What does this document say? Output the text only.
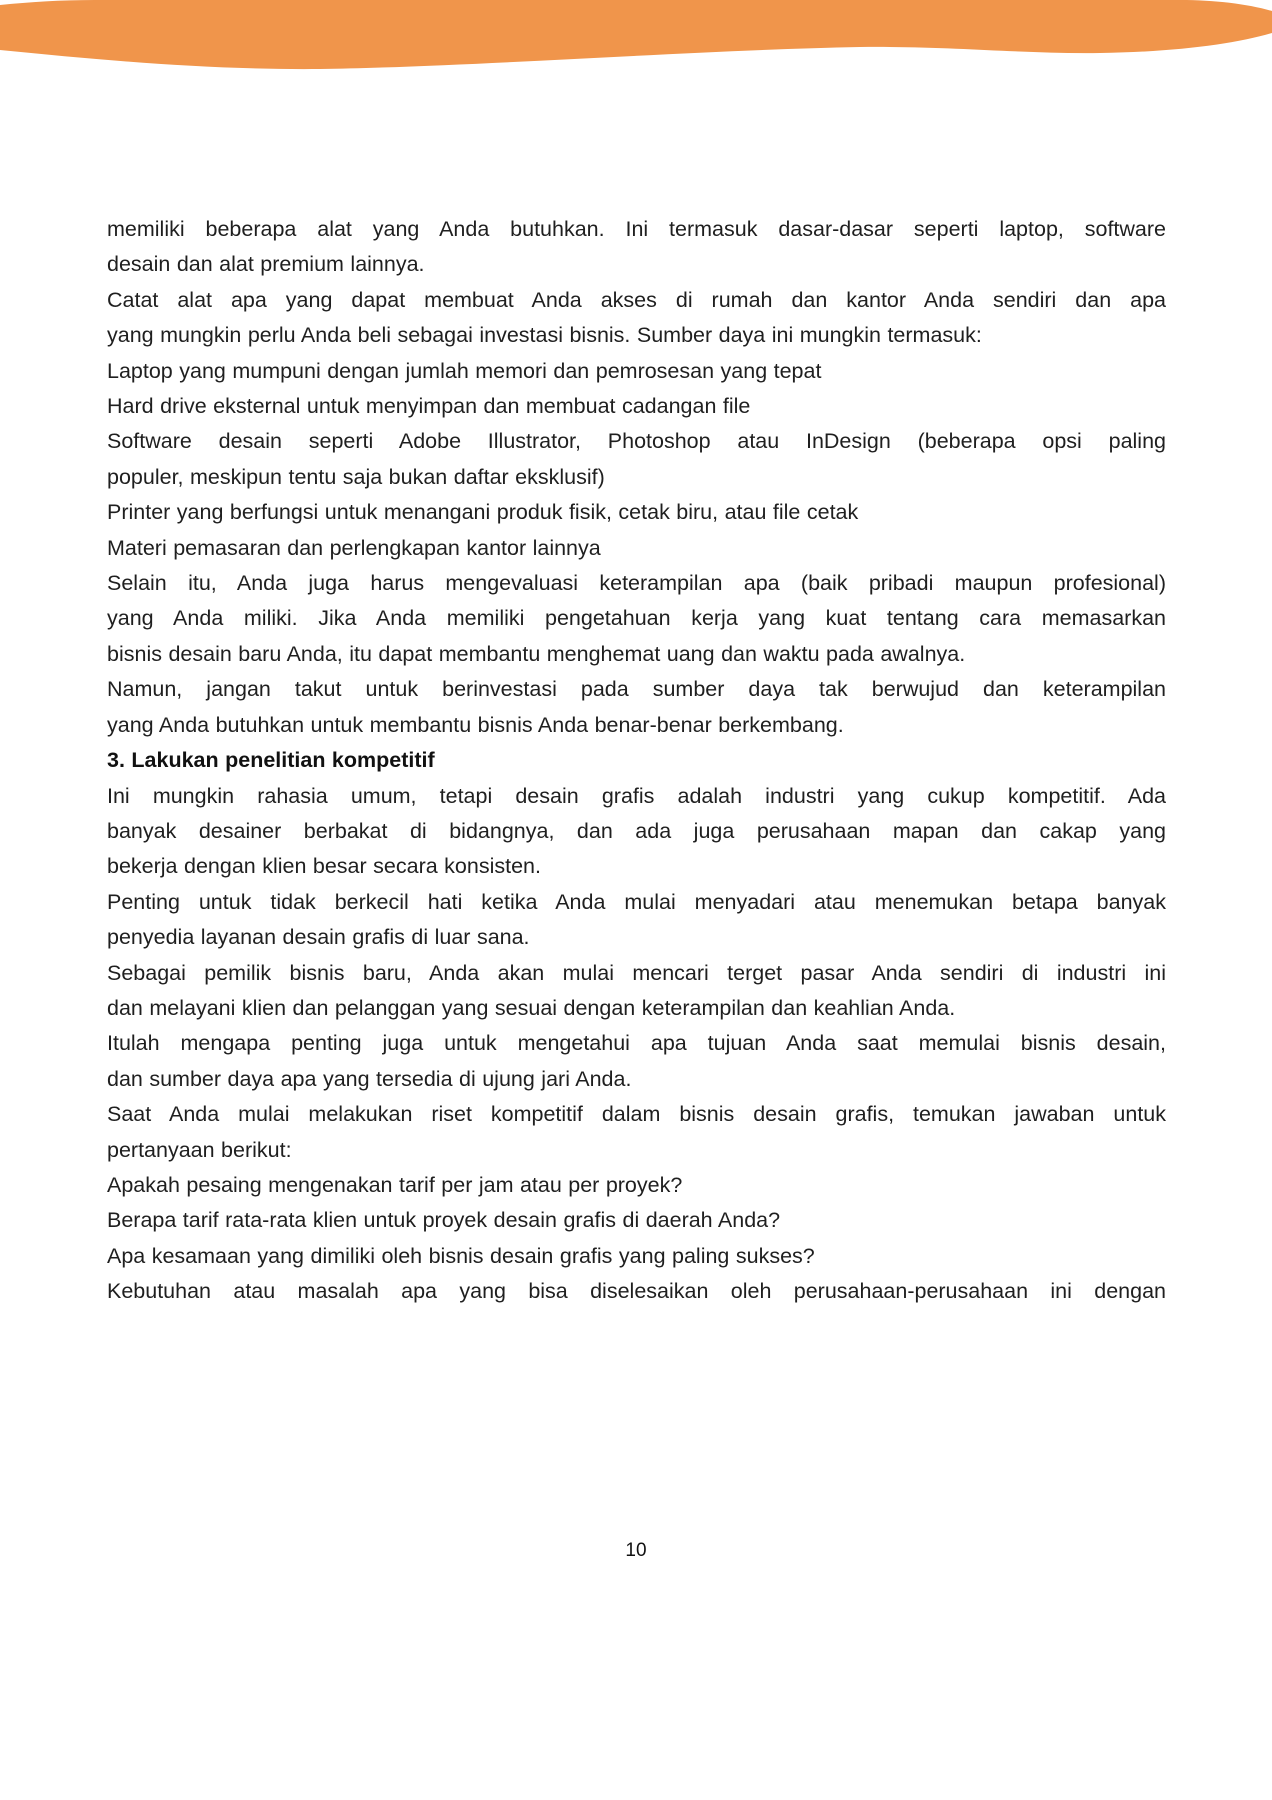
memiliki beberapa alat yang Anda butuhkan. Ini termasuk dasar-dasar seperti laptop, software
desain dan alat premium lainnya.
Catat alat apa yang dapat membuat Anda akses di rumah dan kantor Anda sendiri dan apa
yang mungkin perlu Anda beli sebagai investasi bisnis. Sumber daya ini mungkin termasuk:
Laptop yang mumpuni dengan jumlah memori dan pemrosesan yang tepat
Hard drive eksternal untuk menyimpan dan membuat cadangan file
Software desain seperti Adobe Illustrator, Photoshop atau InDesign (beberapa opsi paling
populer, meskipun tentu saja bukan daftar eksklusif)
Printer yang berfungsi untuk menangani produk fisik, cetak biru, atau file cetak
Materi pemasaran dan perlengkapan kantor lainnya
Selain itu, Anda juga harus mengevaluasi keterampilan apa (baik pribadi maupun profesional)
yang Anda miliki. Jika Anda memiliki pengetahuan kerja yang kuat tentang cara memasarkan
bisnis desain baru Anda, itu dapat membantu menghemat uang dan waktu pada awalnya.
Namun, jangan takut untuk berinvestasi pada sumber daya tak berwujud dan keterampilan
yang Anda butuhkan untuk membantu bisnis Anda benar-benar berkembang.
3. Lakukan penelitian kompetitif
Ini mungkin rahasia umum, tetapi desain grafis adalah industri yang cukup kompetitif. Ada
banyak desainer berbakat di bidangnya, dan ada juga perusahaan mapan dan cakap yang
bekerja dengan klien besar secara konsisten.
Penting untuk tidak berkecil hati ketika Anda mulai menyadari atau menemukan betapa banyak
penyedia layanan desain grafis di luar sana.
Sebagai pemilik bisnis baru, Anda akan mulai mencari terget pasar Anda sendiri di industri ini
dan melayani klien dan pelanggan yang sesuai dengan keterampilan dan keahlian Anda.
Itulah mengapa penting juga untuk mengetahui apa tujuan Anda saat memulai bisnis desain,
dan sumber daya apa yang tersedia di ujung jari Anda.
Saat Anda mulai melakukan riset kompetitif dalam bisnis desain grafis, temukan jawaban untuk
pertanyaan berikut:
Apakah pesaing mengenakan tarif per jam atau per proyek?
Berapa tarif rata-rata klien untuk proyek desain grafis di daerah Anda?
Apa kesamaan yang dimiliki oleh bisnis desain grafis yang paling sukses?
Kebutuhan atau masalah apa yang bisa diselesaikan oleh perusahaan-perusahaan ini dengan
10
